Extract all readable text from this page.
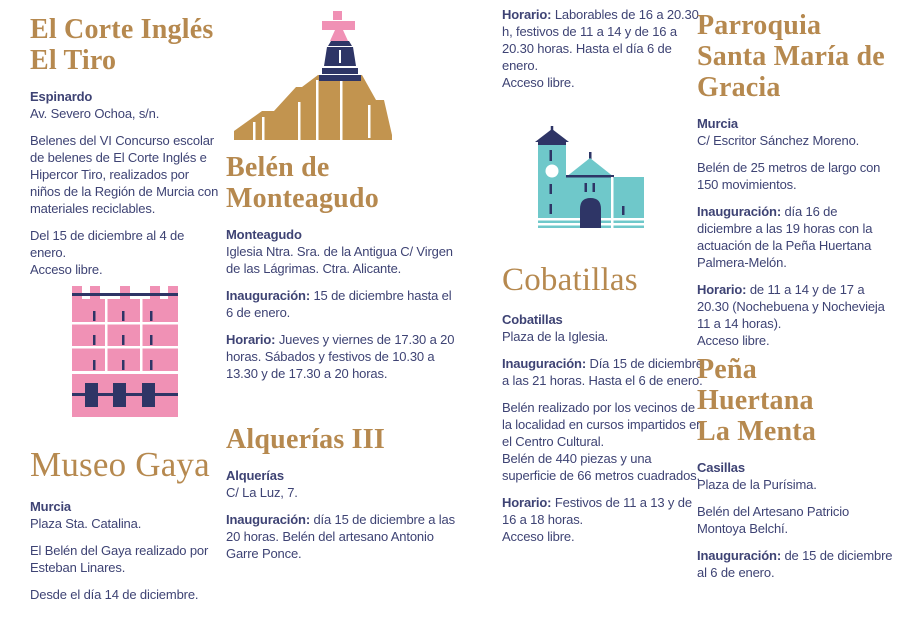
El Corte Inglés
El Tiro

Espinardo
Av. Severo Ochoa, s/n.

Belenes del VI Concurso escolar de belenes de El Corte Inglés e Hipercor Tiro, realizados por niños de la Región de Murcia con materiales reciclables.

Del 15 de diciembre al 4 de enero.
Acceso libre.

Museo Gaya

Murcia
Plaza Sta. Catalina.

El Belén del Gaya realizado por Esteban Linares.

Desde el día 14 de diciembre.

Belén de
Monteagudo

Monteagudo
Iglesia Ntra. Sra. de la Antigua C/ Virgen de las Lágrimas. Ctra. Alicante.

Inauguración: 15 de diciembre hasta el 6 de enero.

Horario: Jueves y viernes de 17.30 a 20 horas. Sábados y festivos de 10.30 a 13.30 y de 17.30 a 20 horas.

Alquerías III

Alquerías
C/ La Luz, 7.

Inauguración: día 15 de diciembre a las 20 horas. Belén del artesano Antonio Garre Ponce.

Horario: Laborables de 16 a 20.30 h, festivos de 11 a 14 y de 16 a 20.30 horas. Hasta el día 6 de enero.
Acceso libre.

Cobatillas

Cobatillas
Plaza de la Iglesia.

Inauguración: Día 15 de diciembre a las 21 horas. Hasta el 6 de enero.

Belén realizado por los vecinos de la localidad en cursos impartidos en el Centro Cultural.
Belén de 440 piezas y una superficie de 66 metros cuadrados.

Horario: Festivos de 11 a 13 y de 16 a 18 horas.
Acceso libre.

Parroquia
Santa María de
Gracia

Murcia
C/ Escritor Sánchez Moreno.

Belén de 25 metros de largo con 150 movimientos.

Inauguración: día 16 de diciembre a las 19 horas con la actuación de la Peña Huertana Palmera-Melón.

Horario: de 11 a 14 y de 17 a 20.30 (Nochebuena y Nochevieja 11 a 14 horas).
Acceso libre.

Peña
Huertana
La Menta

Casillas
Plaza de la Purísima.

Belén del Artesano Patricio Montoya Belchí.

Inauguración: de 15 de diciembre al 6 de enero.
